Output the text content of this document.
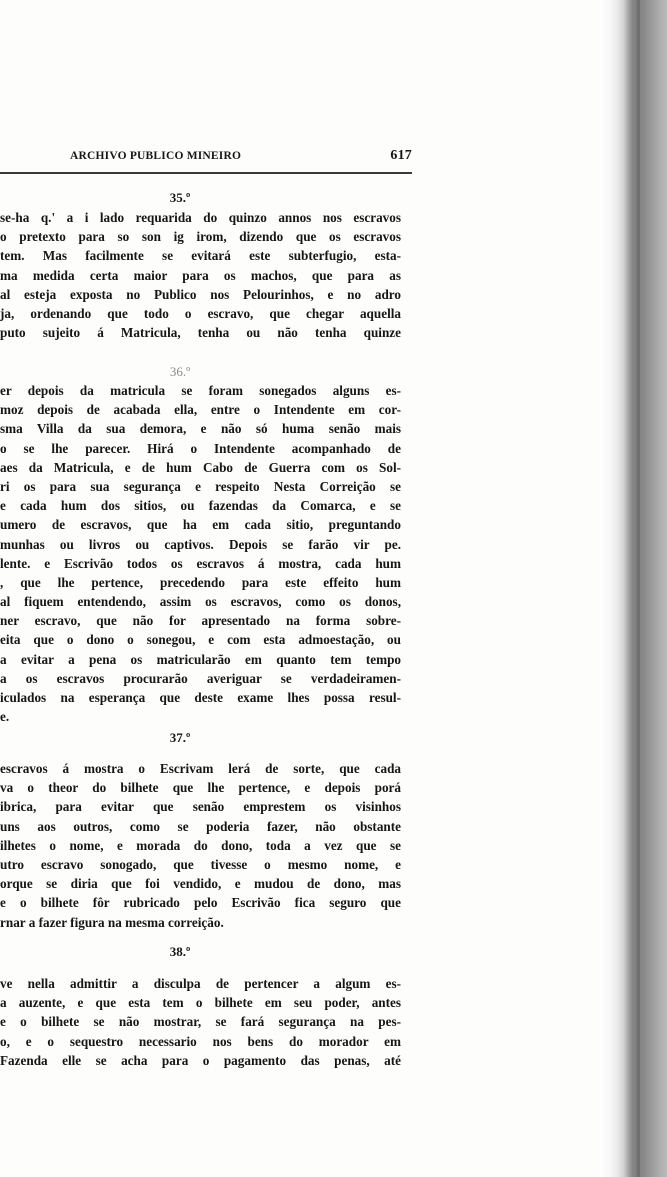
ARCHIVO PUBLICO MINEIRO	617
35.º
se-ha q.' a i lado requarida do quinzo annos nos escravos
o pretexto para so son ig irom, dizendo que os escravos
tem. Mas facilmente se evitará este subterfugio, esta-
ma medida certa maior para os machos, que para as
al esteja exposta no Publico nos Pelourinhos, e no adro
ja, ordenando que todo o escravo, que chegar aquella
puto sujeito á Matricula, tenha ou não tenha quinze
36.º
er depois da matricula se foram sonegados alguns es-
moz depois de acabada ella, entre o Intendente em cor-
sma Villa da sua demora, e não só huma senão mais
o se lhe parecer. Hirá o Intendente acompanhado de
aes da Matricula, e de hum Cabo de Guerra com os Sol-
ri os para sua segurança e respeito Nesta Correição se
e cada hum dos sitios, ou fazendas da Comarca, e se
umero de escravos, que ha em cada sitio, preguntando
munhas ou livros ou captivos. Depois se farão vir pe.
lente. e Escrivão todos os escravos á mostra, cada hum
, que lhe pertence, precedendo para este effeito hum
al fiquem entendendo, assim os escravos, como os donos,
ner escravo, que não for apresentado na forma sobre-
eita que o dono o sonegou, e com esta admoestação, ou
a evitar a pena os matricularão em quanto tem tempo
a os escravos procurarão averiguar se verdadeiramen-
iculados na esperança que deste exame lhes possa resul-
e.
37.º
escravos á mostra o Escrivam lerá de sorte, que cada
va o theor do bilhete que lhe pertence, e depois porá
ibrica, para evitar que senão emprestem os visinhos
uns aos outros, como se poderia fazer, não obstante
ilhetes o nome, e morada do dono, toda a vez que se
utro escravo sonogado, que tivesse o mesmo nome, e
orque se diria que foi vendido, e mudou de dono, mas
e o bilhete fôr rubricado pelo Escrivão fica seguro que
rnar a fazer figura na mesma correição.
38.º
ve nella admittir a disculpa de pertencer a algum es-
a auzente, e que esta tem o bilhete em seu poder, antes
e o bilhete se não mostrar, se fará segurança na pes-
o, e o sequestro necessario nos bens do morador em
Fazenda elle se acha para o pagamento das penas, até
